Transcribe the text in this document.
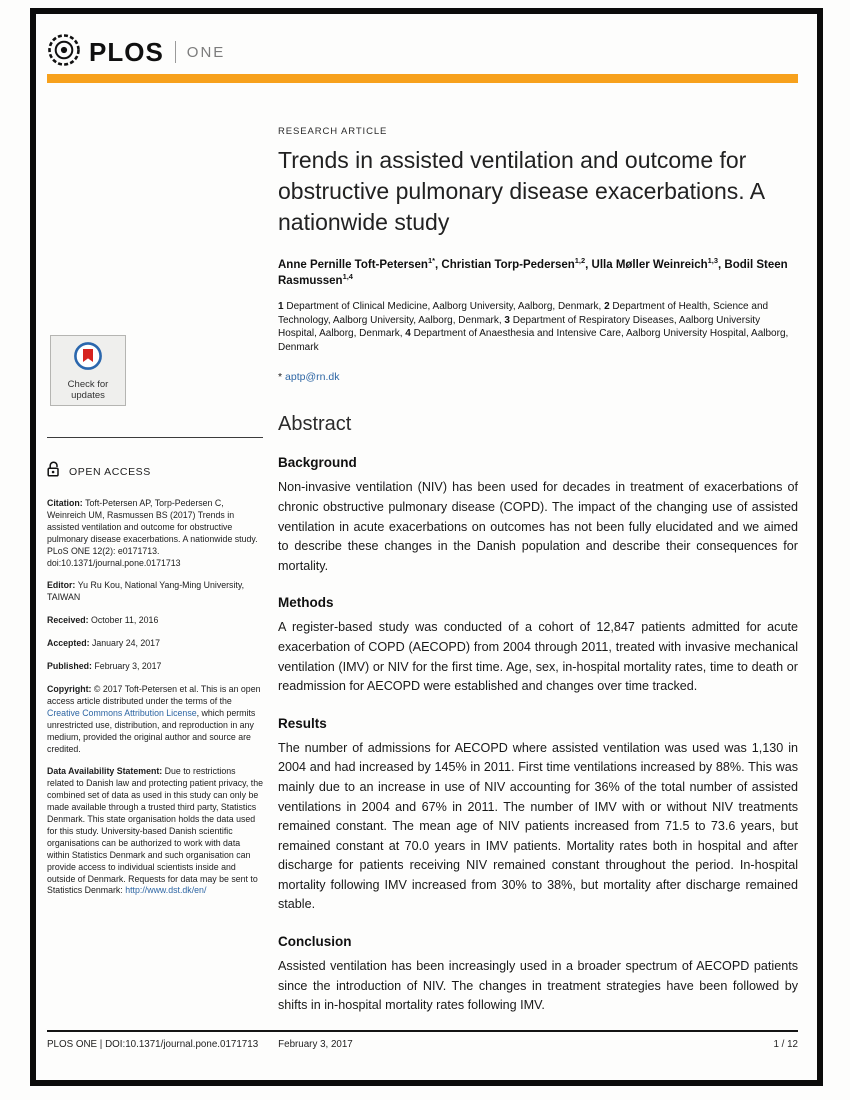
PLOS ONE
Check for
updates
OPEN ACCESS

Citation: Toft-Petersen AP, Torp-Pedersen C, Weinreich UM, Rasmussen BS (2017) Trends in assisted ventilation and outcome for obstructive pulmonary disease exacerbations. A nationwide study. PLoS ONE 12(2): e0171713. doi:10.1371/journal.pone.0171713

Editor: Yu Ru Kou, National Yang-Ming University, TAIWAN

Received: October 11, 2016

Accepted: January 24, 2017

Published: February 3, 2017

Copyright: © 2017 Toft-Petersen et al. This is an open access article distributed under the terms of the Creative Commons Attribution License, which permits unrestricted use, distribution, and reproduction in any medium, provided the original author and source are credited.

Data Availability Statement: Due to restrictions related to Danish law and protecting patient privacy, the combined set of data as used in this study can only be made available through a trusted third party, Statistics Denmark. This state organisation holds the data used for this study. University-based Danish scientific organisations can be authorized to work with data within Statistics Denmark and such organisation can provide access to individual scientists inside and outside of Denmark. Requests for data may be sent to Statistics Denmark: http://www.dst.dk/en/

RESEARCH ARTICLE
Trends in assisted ventilation and outcome for obstructive pulmonary disease exacerbations. A nationwide study

Anne Pernille Toft-Petersen$^{1*}$, Christian Torp-Pedersen$^{1,2}$, Ulla Møller Weinreich$^{1,3}$, Bodil Steen Rasmussen$^{1,4}$

1 Department of Clinical Medicine, Aalborg University, Aalborg, Denmark, 2 Department of Health, Science and Technology, Aalborg University, Aalborg, Denmark, 3 Department of Respiratory Diseases, Aalborg University Hospital, Aalborg, Denmark, 4 Department of Anaesthesia and Intensive Care, Aalborg University Hospital, Aalborg, Denmark

* aptp@rn.dk

Abstract
Background

Non-invasive ventilation (NIV) has been used for decades in treatment of exacerbations of chronic obstructive pulmonary disease (COPD). The impact of the changing use of assisted ventilation in acute exacerbations on outcomes has not been fully elucidated and we aimed to describe these changes in the Danish population and describe their consequences for mortality.

Methods

A register-based study was conducted of a cohort of 12,847 patients admitted for acute exacerbation of COPD (AECOPD) from 2004 through 2011, treated with invasive mechanical ventilation (IMV) or NIV for the first time. Age, sex, in-hospital mortality rates, time to death or readmission for AECOPD were established and changes over time tracked.

Results

The number of admissions for AECOPD where assisted ventilation was used was 1,130 in 2004 and had increased by 145% in 2011. First time ventilations increased by 88%. This was mainly due to an increase in use of NIV accounting for 36% of the total number of assisted ventilations in 2004 and 67% in 2011. The number of IMV with or without NIV treatments remained constant. The mean age of NIV patients increased from 71.5 to 73.6 years, but remained constant at 70.0 years in IMV patients. Mortality rates both in hospital and after discharge for patients receiving NIV remained constant throughout the period. In-hospital mortality following IMV increased from 30% to 38%, but mortality after discharge remained stable.

Conclusion

Assisted ventilation has been increasingly used in a broader spectrum of AECOPD patients since the introduction of NIV. The changes in treatment strategies have been followed by shifts in in-hospital mortality rates following IMV.

PLOS ONE | DOI:10.1371/journal.pone.0171713 February 3, 2017	1 / 12
